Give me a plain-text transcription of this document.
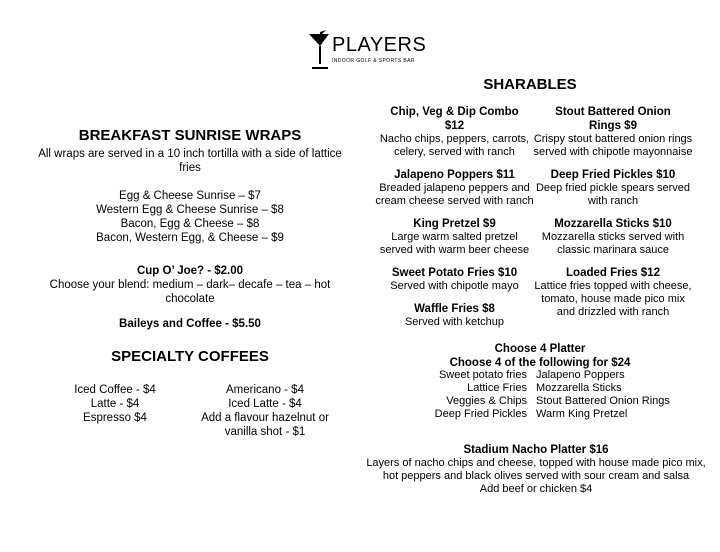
PLAYERS
INDOOR GOLF & SPORTS BAR
BREAKFAST SUNRISE WRAPS
All wraps are served in a 10 inch tortilla with a side of lattice
fries
Egg & Cheese Sunrise – $7
Western Egg & Cheese Sunrise – $8
Bacon, Egg & Cheese – $8
Bacon, Western Egg, & Cheese – $9
Cup O’ Joe? - $2.00
Choose your blend: medium – dark– decafe – tea – hot
chocolate
Baileys and Coffee - $5.50
SPECIALTY COFFEES
Iced Coffee - $4
Latte - $4
Espresso $4
Americano - $4
Iced Latte - $4
Add a flavour hazelnut or
vanilla shot - $1
SHARABLES
Chip, Veg & Dip Combo
$12
Nacho chips, peppers, carrots,
celery, served with ranch
Jalapeno Poppers $11
Breaded jalapeno peppers and
cream cheese served with ranch
King Pretzel $9
Large warm salted pretzel
served with warm beer cheese
Sweet Potato Fries $10
Served with chipotle mayo
Waffle Fries $8
Served with ketchup
Stout Battered Onion
Rings $9
Crispy stout battered onion rings
served with chipotle mayonnaise
Deep Fried Pickles $10
Deep fried pickle spears served
with ranch
Mozzarella Sticks $10
Mozzarella sticks served with
classic marinara sauce
Loaded Fries $12
Lattice fries topped with cheese,
tomato, house made pico mix
and drizzled with ranch
Choose 4 Platter
Choose 4 of the following for $24
Sweet potato fries
Lattice Fries
Veggies & Chips
Deep Fried Pickles
Jalapeno Poppers
Mozzarella Sticks
Stout Battered Onion Rings
Warm King Pretzel
Stadium Nacho Platter $16
Layers of nacho chips and cheese, topped with house made pico mix,
hot peppers and black olives served with sour cream and salsa
Add beef or chicken $4
